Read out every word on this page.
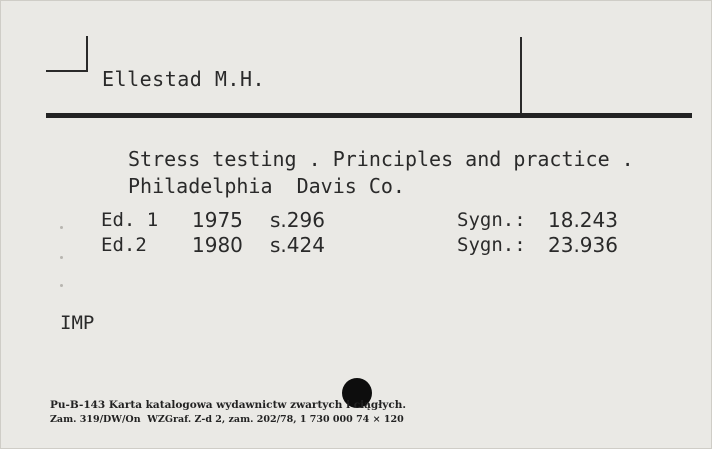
Ellestad M.H.
Stress testing . Principles and practice .
Philadelphia  Davis Co.
Ed. 1 1975 s.296	Sygn.: 18.243
Ed.2 1980 s.424	Sygn.: 23.936
IMP
Pu-B-143 Karta katalogowa wydawnictw zwartych i ciągłych.
Zam. 319/DW/On  WZGraf. Z-d 2, zam. 202/78, 1 730 000 74 × 120
